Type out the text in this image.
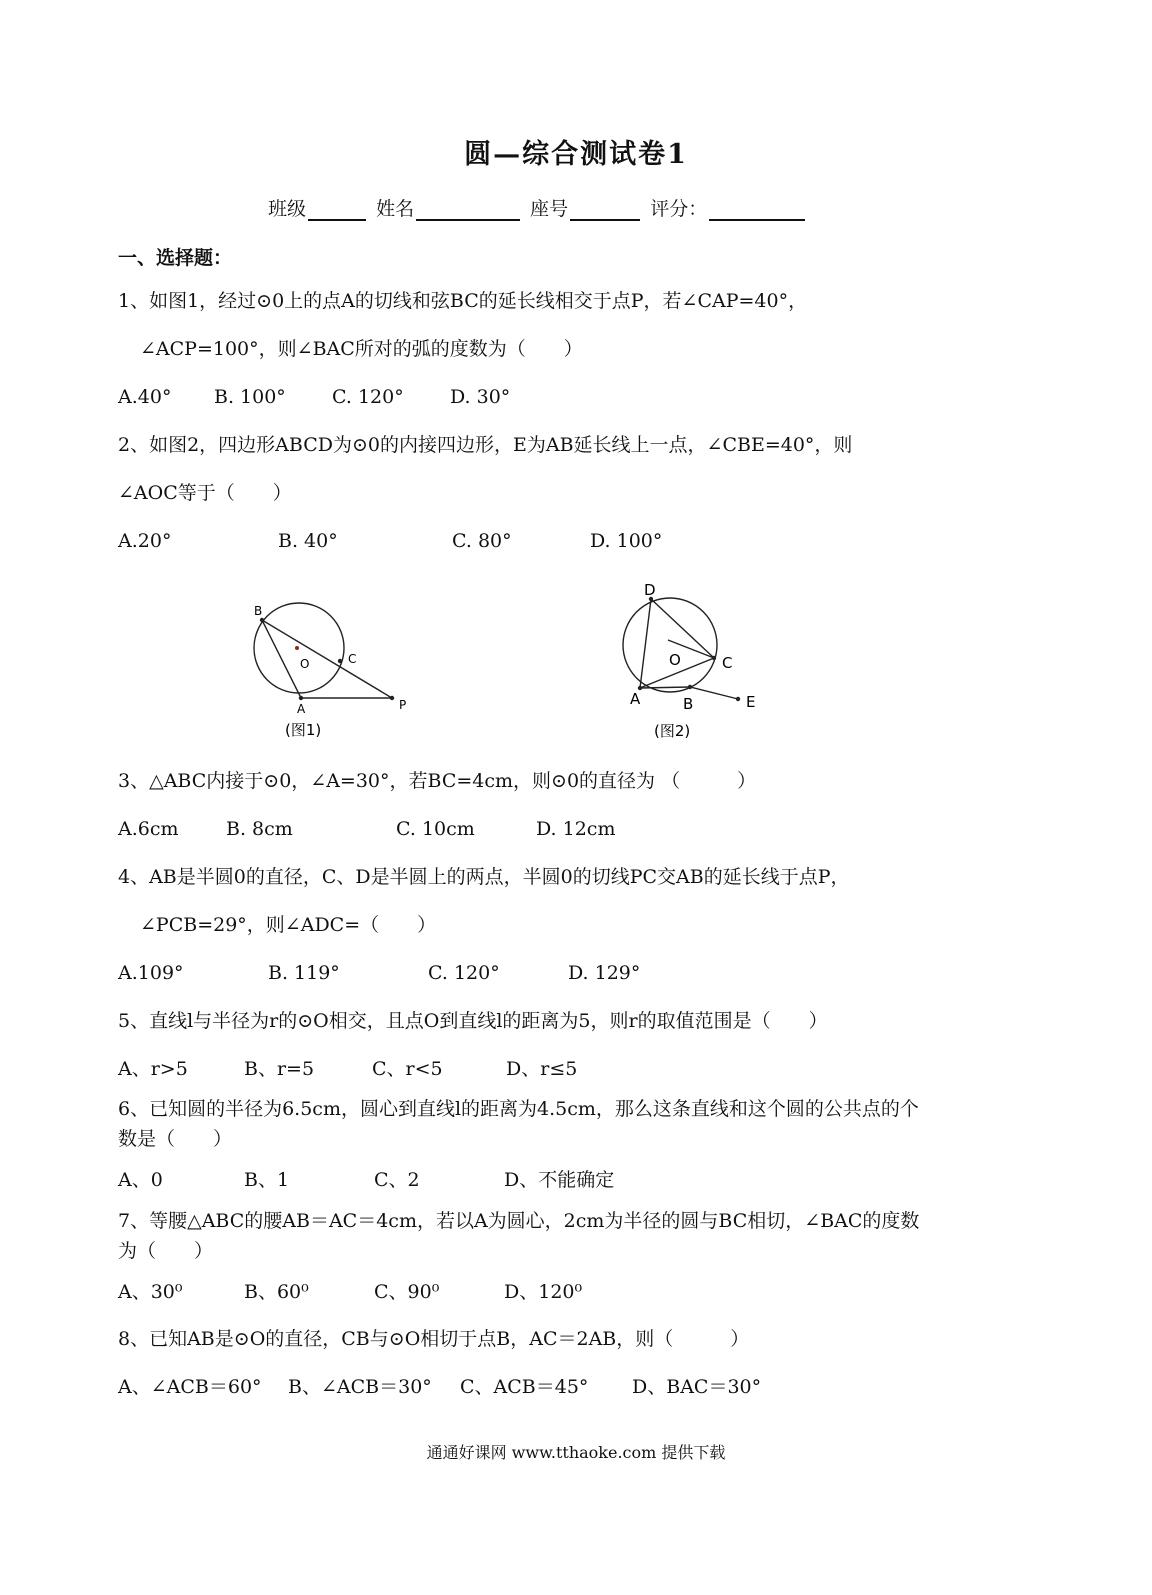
圆—综合测试卷1
班级	姓名	座号	评分：
一、选择题：
1、如图1，经过⊙0上的点A的切线和弦BC的延长线相交于点P，若∠CAP=40°，
∠ACP=100°，则∠BAC所对的弧的度数为（　　）
A.40° B. 100° C. 120° D. 30°
2、如图2，四边形ABCD为⊙0的内接四边形，E为AB延长线上一点，∠CBE=40°，则
∠AOC等于（　　）
A.20°	B. 40°	C. 80°	D. 100°
B
O	C
A	P
(图1)
D
O	C
A	B	E
(图2)
3、△ABC内接于⊙0，∠A=30°，若BC=4cm，则⊙0的直径为 （　　　）
A.6cm B. 8cm	C. 10cm	D. 12cm
4、AB是半圆0的直径，C、D是半圆上的两点，半圆0的切线PC交AB的延长线于点P，
∠PCB=29°，则∠ADC=（　　）
A.109°	B. 119°	C. 120°	D. 129°
5、直线l与半径为r的⊙O相交，且点O到直线l的距离为5，则r的取值范围是（　　）
A、r>5	B、r=5	C、r<5	D、r≤5
6、已知圆的半径为6.5cm，圆心到直线l的距离为4.5cm，那么这条直线和这个圆的公共点的个
数是（　　）
A、0	B、1	C、2	D、不能确定
7、等腰△ABC的腰AB＝AC＝4cm，若以A为圆心，2cm为半径的圆与BC相切，∠BAC的度数
为（　　）
A、30⁰	B、60⁰	C、90⁰	D、120⁰
8、已知AB是⊙O的直径，CB与⊙O相切于点B，AC＝2AB，则（　　　）
A、∠ACB＝60° B、∠ACB＝30° C、ACB＝45° D、BAC＝30°
通通好课网 www.tthaoke.com 提供下载
